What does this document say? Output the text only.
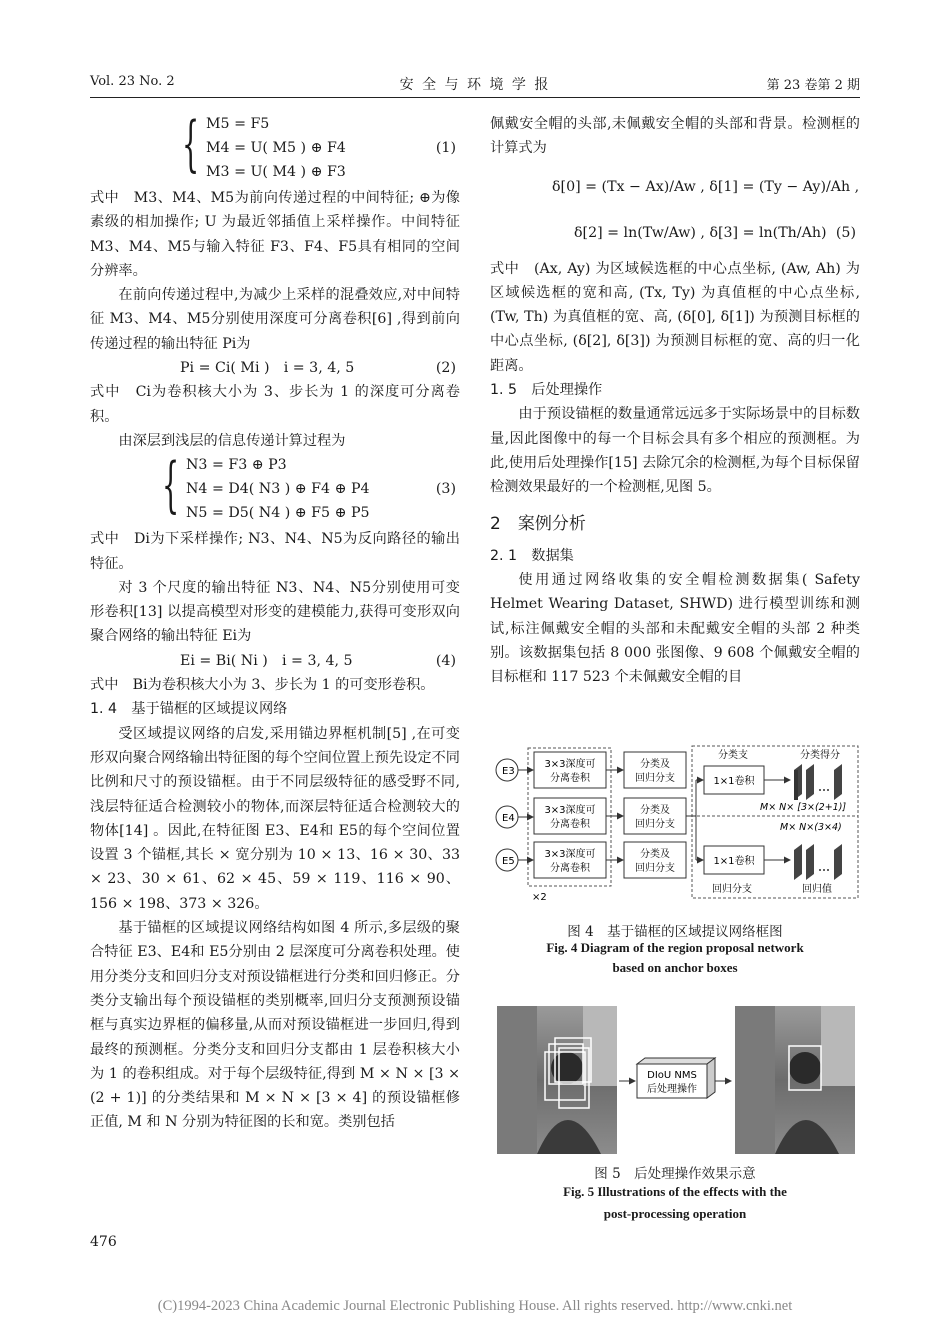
Vol. 23 No. 2	安 全 与 环 境 学 报	第 23 卷第 2 期
{ M5 = F5
M4 = U( M5 ) ⊕ F4
M3 = U( M4 ) ⊕ F3
(1)

式中　M3、M4、M5为前向传递过程的中间特征; ⊕为像素级的相加操作; U 为最近邻插值上采样操作。中间特征 M3、M4、M5与输入特征 F3、F4、F5具有相同的空间分辨率。

在前向传递过程中,为减少上采样的混叠效应,对中间特征 M3、M4、M5分别使用深度可分离卷积[6] ,得到前向传递过程的输出特征 Pi为

Pi = Ci( Mi )　i = 3, 4, 5	(2)

式中　Ci为卷积核大小为 3、步长为 1 的深度可分离卷积。

由深层到浅层的信息传递计算过程为

{ N3 = F3 ⊕ P3
N4 = D4( N3 ) ⊕ F4 ⊕ P4
N5 = D5( N4 ) ⊕ F5 ⊕ P5
(3)

式中　Di为下采样操作; N3、N4、N5为反向路径的输出特征。

对 3 个尺度的输出特征 N3、N4、N5分别使用可变形卷积[13] 以提高模型对形变的建模能力,获得可变形双向聚合网络的输出特征 Ei为

Ei = Bi( Ni )　i = 3, 4, 5	(4)

式中　Bi为卷积核大小为 3、步长为 1 的可变形卷积。

1. 4　基于锚框的区域提议网络

受区域提议网络的启发,采用锚边界框机制[5] ,在可变形双向聚合网络输出特征图的每个空间位置上预先设定不同比例和尺寸的预设锚框。由于不同层级特征的感受野不同,浅层特征适合检测较小的物体,而深层特征适合检测较大的物体[14] 。因此,在特征图 E3、E4和 E5的每个空间位置设置 3 个锚框,其长 × 宽分别为 10 × 13、16 × 30、33 × 23、30 × 61、62 × 45、59 × 119、116 × 90、156 × 198、373 × 326。

基于锚框的区域提议网络结构如图 4 所示,多层级的聚合特征 E3、E4和 E5分别由 2 层深度可分离卷积处理。使用分类分支和回归分支对预设锚框进行分类和回归修正。分类分支输出每个预设锚框的类别概率,回归分支预测预设锚框与真实边界框的偏移量,从而对预设锚框进一步回归,得到最终的预测框。分类分支和回归分支都由 1 层卷积核大小为 1 的卷积组成。对于每个层级特征,得到 M × N × [3 × (2 + 1)] 的分类结果和 M × N × [3 × 4] 的预设锚框修正值, M 和 N 分别为特征图的长和宽。类别包括

佩戴安全帽的头部,未佩戴安全帽的头部和背景。检测框的计算式为

δ[0] = (Tx − Ax)/Aw , δ[1] = (Ty − Ay)/Ah ,
δ[2] = ln(Tw/Aw) , δ[3] = ln(Th/Ah) (5)

式中　(Ax, Ay) 为区域候选框的中心点坐标, (Aw, Ah) 为区域候选框的宽和高, (Tx, Ty) 为真值框的中心点坐标, (Tw, Th) 为真值框的宽、高, (δ[0], δ[1]) 为预测目标框的中心点坐标, (δ[2], δ[3]) 为预测目标框的宽、高的归一化距离。

1. 5　后处理操作

由于预设锚框的数量通常远远多于实际场景中的目标数量,因此图像中的每一个目标会具有多个相应的预测框。为此,使用后处理操作[15] 去除冗余的检测框,为每个目标保留检测效果最好的一个检测框,见图 5。

2　案例分析

2. 1　数据集

使用通过网络收集的安全帽检测数据集( Safety Helmet Wearing Dataset, SHWD) 进行模型训练和测试,标注佩戴安全帽的头部和未配戴安全帽的头部 2 种类别。该数据集包括 8 000 张图像、9 608 个佩戴安全帽的目标框和 117 523 个未佩戴安全帽的目

E3
E4
E5
×2
3×3深度可
分离卷积
3×3深度可
分离卷积
3×3深度可
分离卷积
分类及
回归分支
分类及
回归分支
分类及
回归分支
分类支	分类得分
1×1卷积
1×1卷积
M× N× [3×(2+1)]
M× N×(3×4)
回归分支	回归值
图 4　基于锚框的区域提议网络框图
Fig. 4 Diagram of the region proposal network
based on anchor boxes
DIoU NMS
后处理操作
图 5　后处理操作效果示意
Fig. 5 Illustrations of the effects with the
post-processing operation
476
(C)1994-2023 China Academic Journal Electronic Publishing House. All rights reserved. http://www.cnki.net
